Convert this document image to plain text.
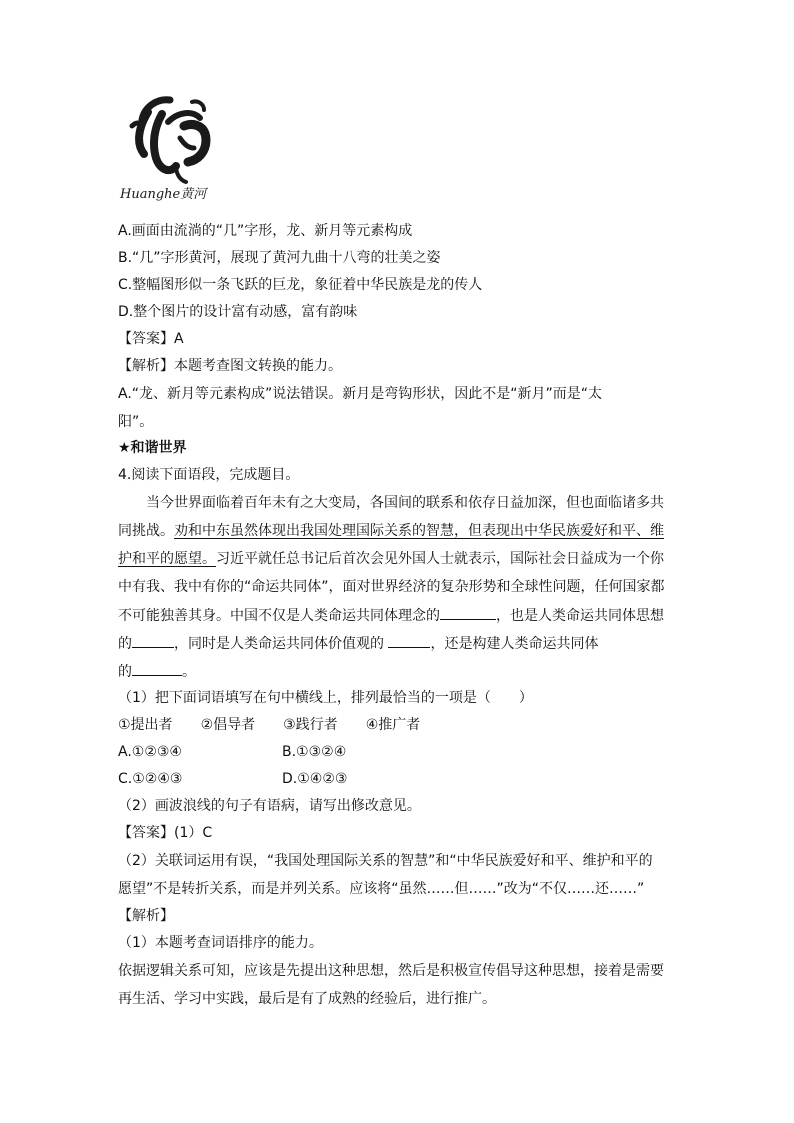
Huanghe黄河
A.画面由流淌的“几”字形，龙、新月等元素构成
B.“几”字形黄河，展现了黄河九曲十八弯的壮美之姿
C.整幅图形似一条飞跃的巨龙，象征着中华民族是龙的传人
D.整个图片的设计富有动感，富有韵味
【答案】A
【解析】本题考查图文转换的能力。
A.“龙、新月等元素构成”说法错误。新月是弯钩形状，因此不是“新月”而是“太
阳”。
★和谐世界
4.阅读下面语段，完成题目。
当今世界面临着百年未有之大变局，各国间的联系和依存日益加深，但也面临诸多共
同挑战。劝和中东虽然体现出我国处理国际关系的智慧，但表现出中华民族爱好和平、维
护和平的愿望。习近平就任总书记后首次会见外国人士就表示，国际社会日益成为一个你
中有我、我中有你的“命运共同体”，面对世界经济的复杂形势和全球性问题，任何国家都
不可能独善其身。中国不仅是人类命运共同体理念的	，也是人类命运共同体思想
的	，同时是人类命运共同体价值观的	，还是构建人类命运共同体
的	。
（1）把下面词语填写在句中横线上，排列最恰当的一项是（　　）
①提出者 ②倡导者 ③践行者 ④推广者
A.①②③④	B.①③②④
C.①②④③	D.①④②③
（2）画波浪线的句子有语病，请写出修改意见。
【答案】(1）C
（2）关联词运用有误，“我国处理国际关系的智慧”和“中华民族爱好和平、维护和平的
愿望”不是转折关系，而是并列关系。应该将“虽然……但……”改为“不仅……还……”
【解析】
（1）本题考查词语排序的能力。
依据逻辑关系可知，应该是先提出这种思想，然后是积极宣传倡导这种思想，接着是需要
再生活、学习中实践，最后是有了成熟的经验后，进行推广。
